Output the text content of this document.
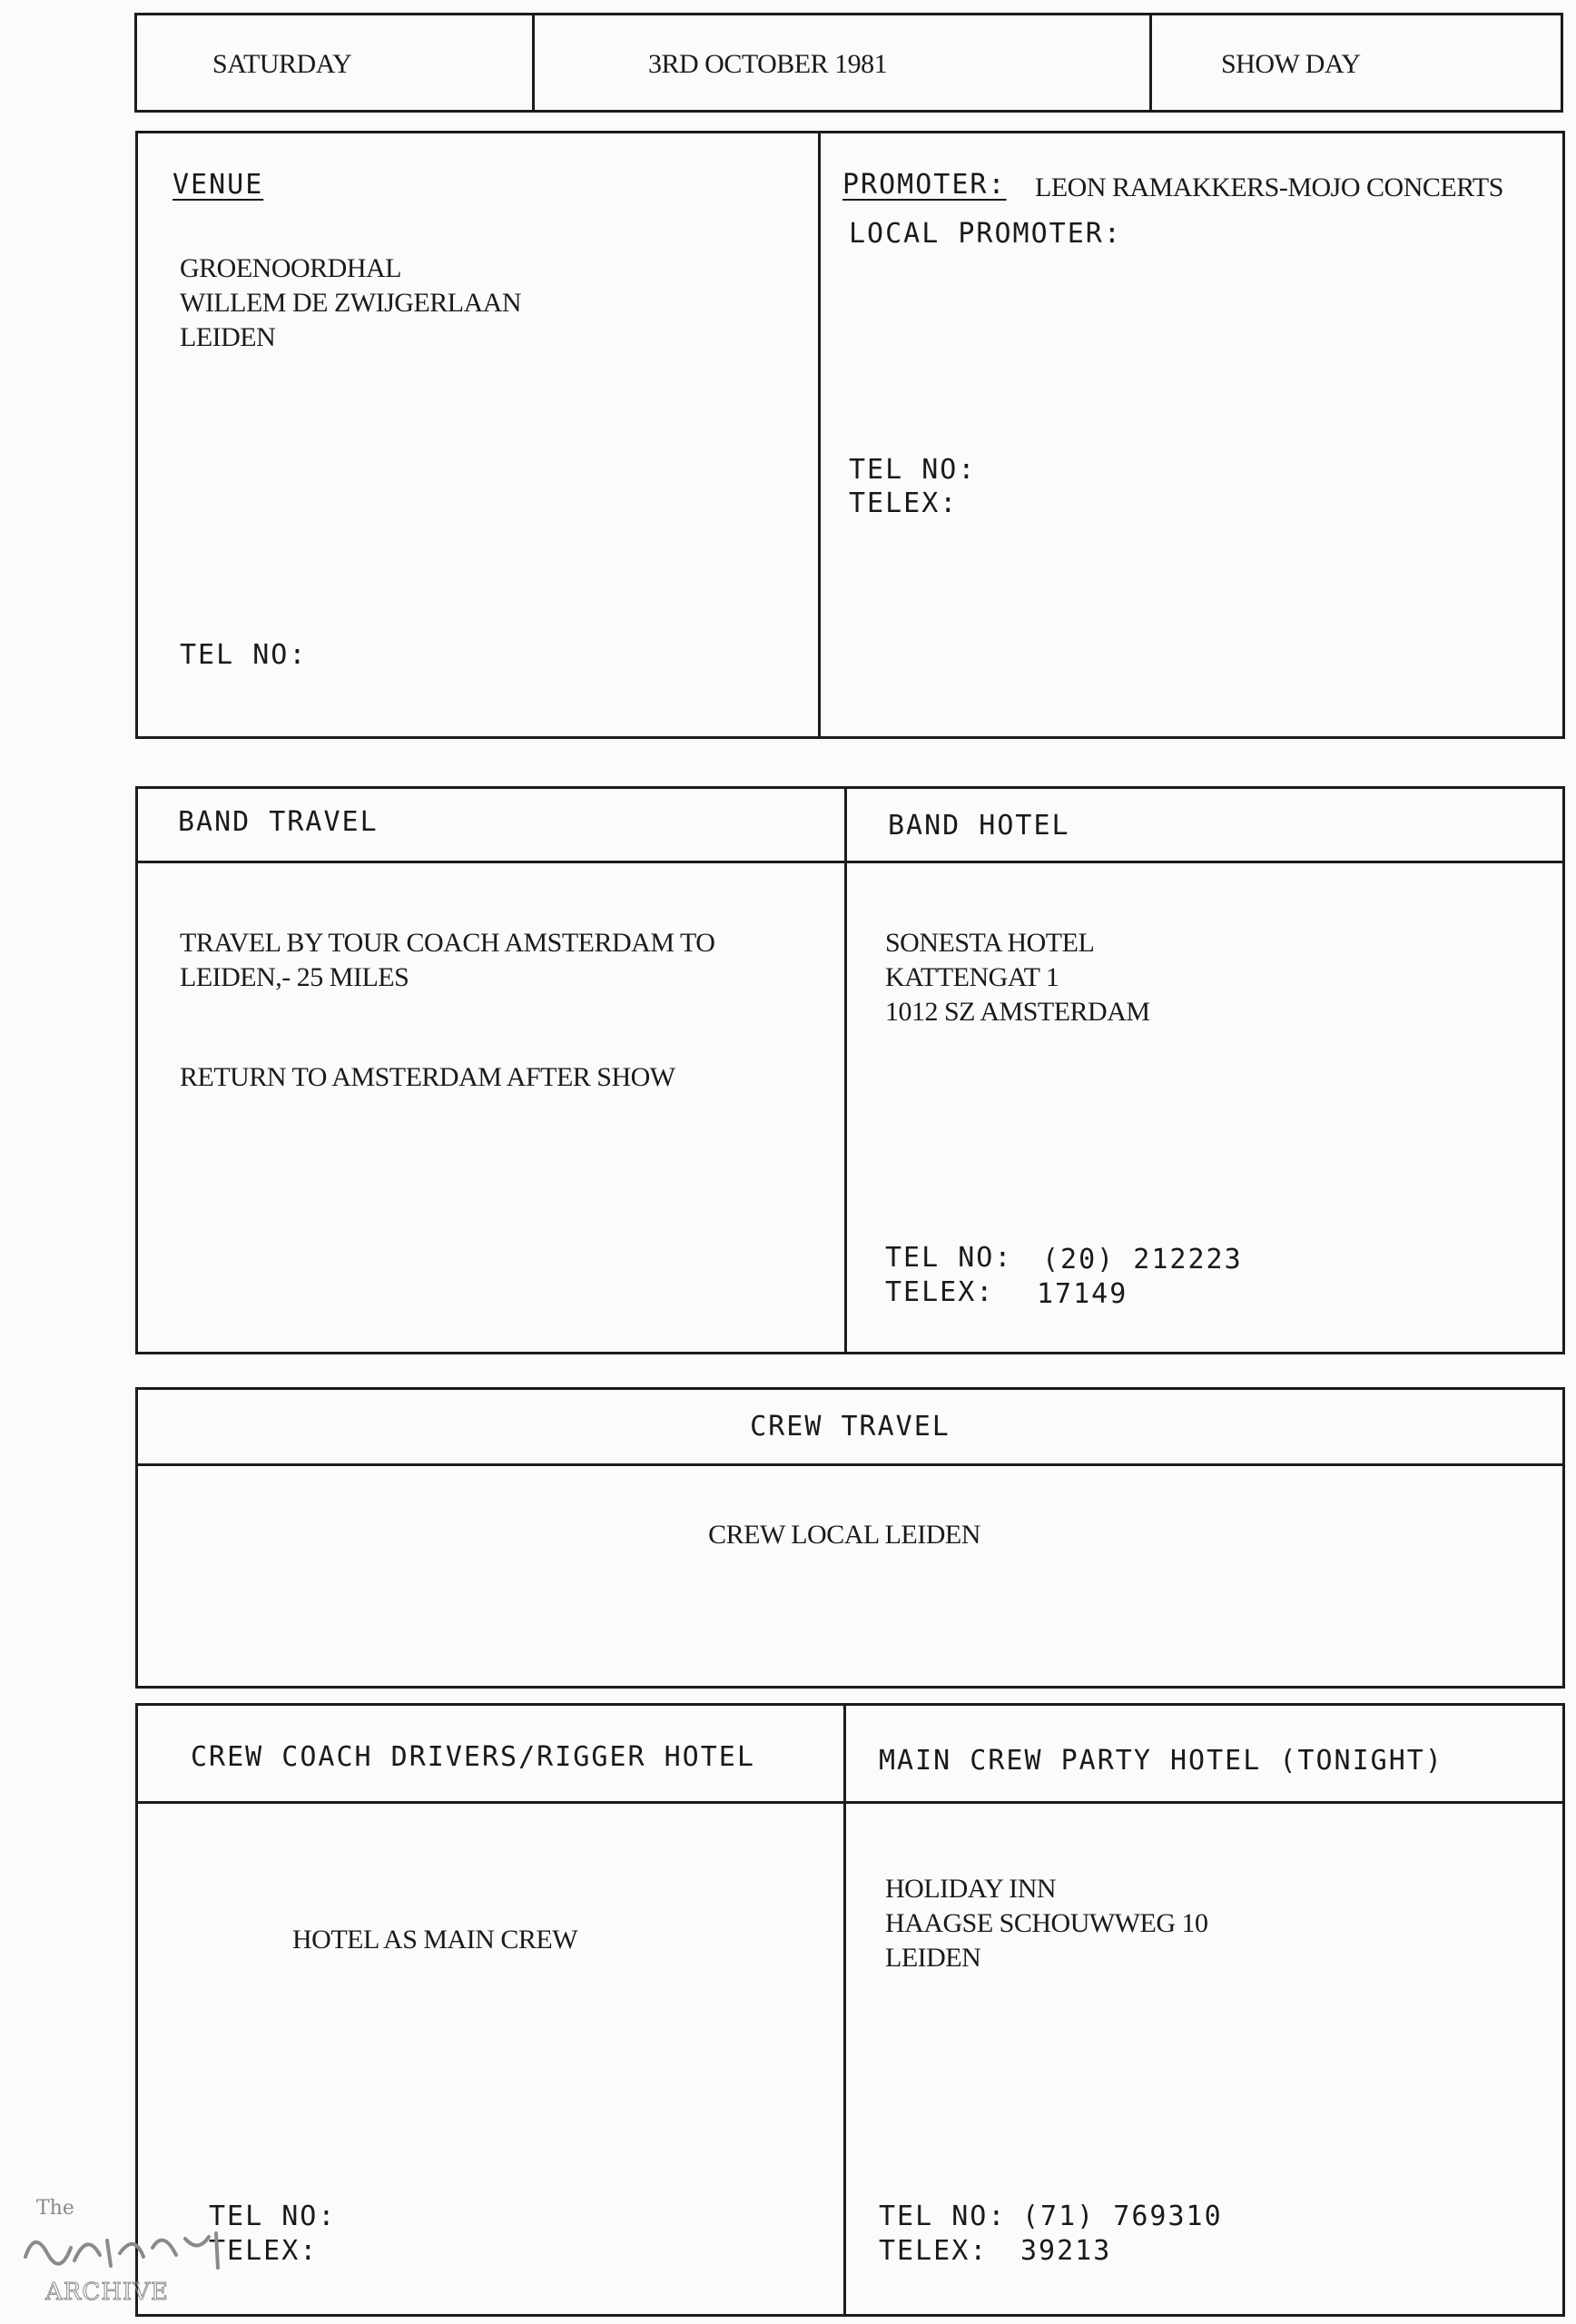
SATURDAY	3RD OCTOBER 1981	SHOW DAY
VENUE
GROENOORDHAL
WILLEM DE ZWIJGERLAAN
LEIDEN
TEL NO:
PROMOTER: LEON RAMAKKERS-MOJO CONCERTS
LOCAL PROMOTER:
TEL NO:
TELEX:
BAND TRAVEL
TRAVEL BY TOUR COACH AMSTERDAM TO
LEIDEN,- 25 MILES
RETURN TO AMSTERDAM AFTER SHOW
BAND HOTEL
SONESTA HOTEL
KATTENGAT 1
1012 SZ AMSTERDAM
TEL NO: (20) 212223
TELEX: 17149
CREW TRAVEL
CREW LOCAL LEIDEN
CREW COACH DRIVERS/RIGGER HOTEL
HOTEL AS MAIN CREW
TEL NO:
TELEX:
MAIN CREW PARTY HOTEL (TONIGHT)
HOLIDAY INN
HAAGSE SCHOUWWEG 10
LEIDEN
TEL NO: (71) 769310
TELEX: 39213
The
ARCHIVE
